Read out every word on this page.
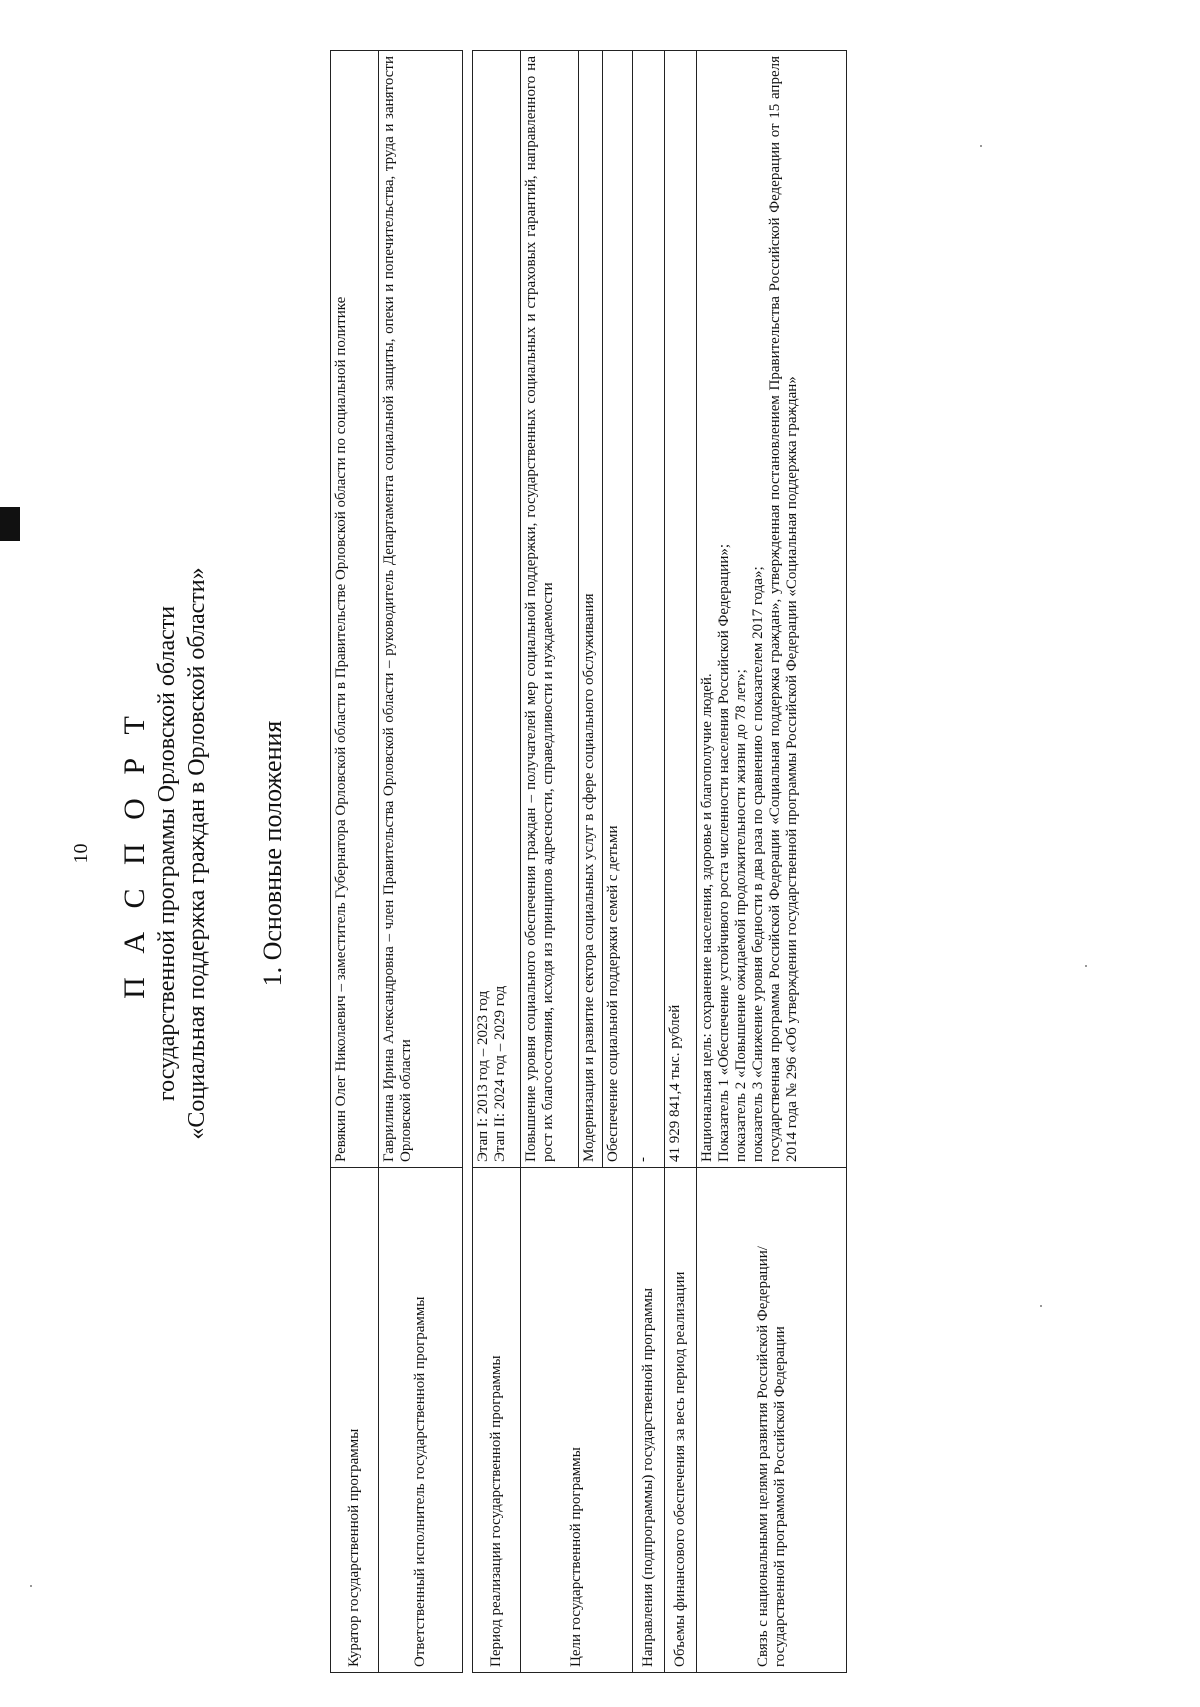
10 П А С П О Р Т государственной программы Орловской области «Социальная поддержка граждан в Орловской области» 1. Основные положения
Куратор государственной программы	Ревякин Олег Николаевич – заместитель Губернатора Орловской области в Правительстве Орловской области по социальной политике
Ответственный исполнитель государственной программы	Гаврилина Ирина Александровна – член Правительства Орловской области – руководитель Департамента социальной защиты, опеки и попечительства, труда и занятости Орловской области
Период реализации государственной программы	Этап I: 2013 год – 2023 год Этап II: 2024 год – 2029 год

Цели государственной программы	Повышение уровня социального обеспечения граждан – получателей мер социальной поддержки, государственных социальных и страховых гарантий, направленного на рост их благосостояния, исходя из принципов адресности, справедливости и нуждаемости
	Модернизация и развитие сектора социальных услуг в сфере социального обслуживания
	Обеспечение социальной поддержки семей с детьми
Направления (подпрограммы) государственной программы	-
Объемы финансового обеспечения за весь период реализации	41 929 841,4 тыс. рублей

Связь с национальными целями развития Российской Федерации/ государственной программой Российской Федерации	Национальная цель: сохранение населения, здоровье и благополучие людей. Показатель 1 «Обеспечение устойчивого роста численности населения Российской Федерации»; показатель 2 «Повышение ожидаемой продолжительности жизни до 78 лет»; показатель 3 «Снижение уровня бедности в два раза по сравнению с показателем 2017 года»; государственная программа Российской Федерации «Социальная поддержка граждан», утвержденная постановлением Правительства Российской Федерации от 15 апреля 2014 года № 296 «Об утверждении государственной программы Российской Федерации «Социальная поддержка граждан»
